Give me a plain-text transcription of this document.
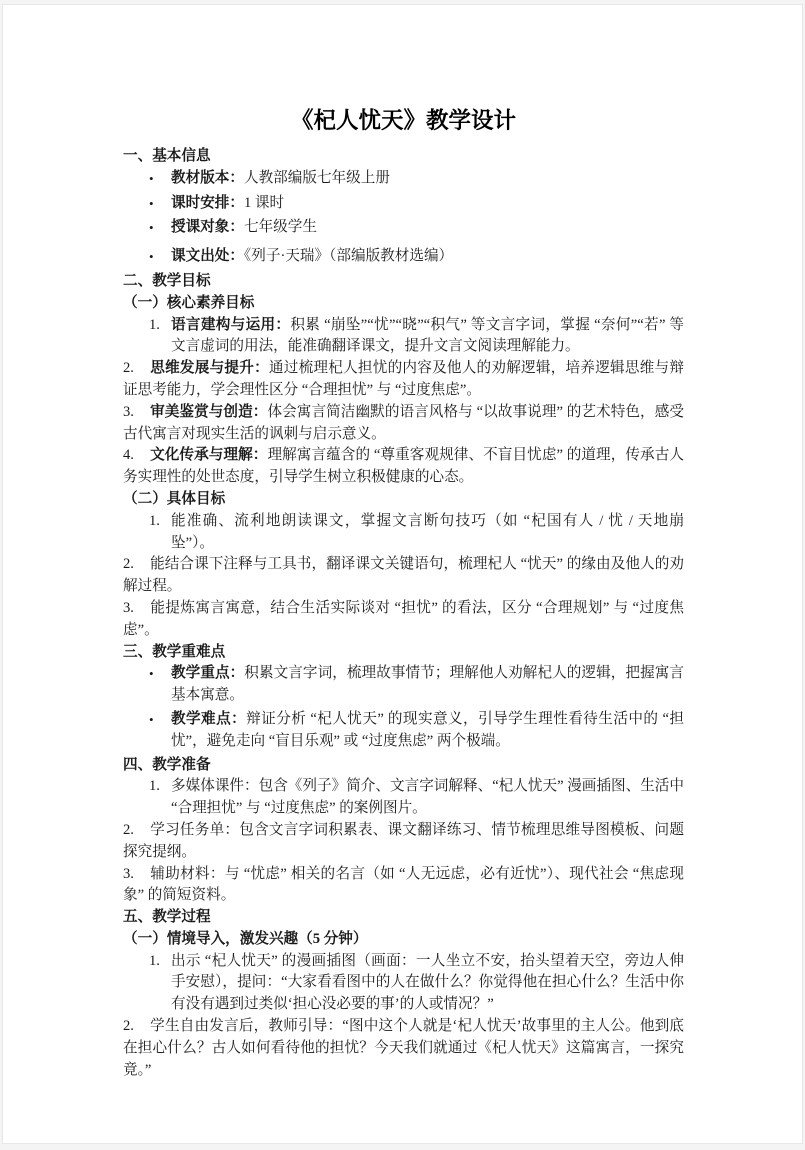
《杞人忧天》教学设计
一、基本信息
•	教材版本：人教部编版七年级上册
•	课时安排：1 课时
•	授课对象：七年级学生
•	课文出处：《列子·天瑞》（部编版教材选编）
二、教学目标
（一）核心素养目标
1. 语言建构与运用：积累 “崩坠”“忧”“晓”“积气” 等文言字词，掌握 “奈何”“若” 等文言虚词的用法，能准确翻译课文，提升文言文阅读理解能力。

2. 思维发展与提升：通过梳理杞人担忧的内容及他人的劝解逻辑，培养逻辑思维与辩证思考能力，学会理性区分 “合理担忧” 与 “过度焦虑”。

3. 审美鉴赏与创造：体会寓言简洁幽默的语言风格与 “以故事说理” 的艺术特色，感受古代寓言对现实生活的讽刺与启示意义。

4. 文化传承与理解：理解寓言蕴含的 “尊重客观规律、不盲目忧虑” 的道理，传承古人务实理性的处世态度，引导学生树立积极健康的心态。

（二）具体目标
1. 能准确、流利地朗读课文，掌握文言断句技巧（如 “杞国有人 / 忧 / 天地崩坠”）。

2. 能结合课下注释与工具书，翻译课文关键语句，梳理杞人 “忧天” 的缘由及他人的劝解过程。

3. 能提炼寓言寓意，结合生活实际谈对 “担忧” 的看法，区分 “合理规划” 与 “过度焦虑”。

三、教学重难点
•	教学重点：积累文言字词，梳理故事情节；理解他人劝解杞人的逻辑，把握寓言基本寓意。
•	教学难点：辩证分析 “杞人忧天” 的现实意义，引导学生理性看待生活中的 “担忧”，避免走向 “盲目乐观” 或 “过度焦虑” 两个极端。
四、教学准备
1. 多媒体课件：包含《列子》简介、文言字词解释、“杞人忧天” 漫画插图、生活中 “合理担忧” 与 “过度焦虑” 的案例图片。

2. 学习任务单：包含文言字词积累表、课文翻译练习、情节梳理思维导图模板、问题探究提纲。

3. 辅助材料：与 “忧虑” 相关的名言（如 “人无远虑，必有近忧”）、现代社会 “焦虑现象” 的简短资料。

五、教学过程
（一）情境导入，激发兴趣（5 分钟）
1. 出示 “杞人忧天” 的漫画插图（画面：一人坐立不安，抬头望着天空，旁边人伸手安慰），提问：“大家看看图中的人在做什么？你觉得他在担心什么？生活中你有没有遇到过类似‘担心没必要的事’的人或情况？”

2. 学生自由发言后，教师引导：“图中这个人就是‘杞人忧天’故事里的主人公。他到底在担心什么？古人如何看待他的担忧？今天我们就通过《杞人忧天》这篇寓言，一探究竟。”
